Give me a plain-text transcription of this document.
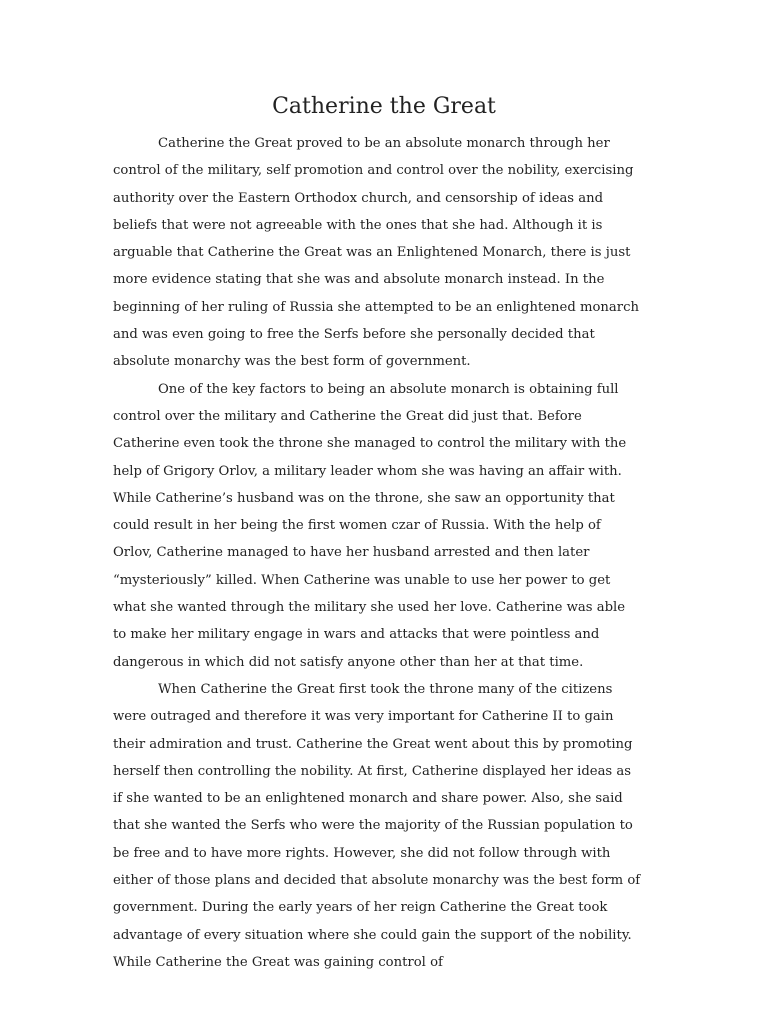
Catherine the Great

Catherine the Great proved to be an absolute monarch through her control of the military, self promotion and control over the nobility, exercising authority over the Eastern Orthodox church, and censorship of ideas and beliefs that were not agreeable with the ones that she had. Although it is arguable that Catherine the Great was an Enlightened Monarch, there is just more evidence stating that she was and absolute monarch instead. In the beginning of her ruling of Russia she attempted to be an enlightened monarch and was even going to free the Serfs before she personally decided that absolute monarchy was the best form of government.

One of the key factors to being an absolute monarch is obtaining full control over the military and Catherine the Great did just that. Before Catherine even took the throne she managed to control the military with the help of Grigory Orlov, a military leader whom she was having an affair with. While Catherine’s husband was on the throne, she saw an opportunity that could result in her being the first women czar of Russia. With the help of Orlov, Catherine managed to have her husband arrested and then later “mysteriously” killed. When Catherine was unable to use her power to get what she wanted through the military she used her love. Catherine was able to make her military engage in wars and attacks that were pointless and dangerous in which did not satisfy anyone other than her at that time.

When Catherine the Great first took the throne many of the citizens were outraged and therefore it was very important for Catherine II to gain their admiration and trust. Catherine the Great went about this by promoting herself then controlling the nobility. At first, Catherine displayed her ideas as if she wanted to be an enlightened monarch and share power. Also, she said that she wanted the Serfs who were the majority of the Russian population to be free and to have more rights. However, she did not follow through with either of those plans and decided that absolute monarchy was the best form of government. During the early years of her reign Catherine the Great took advantage of every situation where she could gain the support of the nobility. While Catherine the Great was gaining control of
